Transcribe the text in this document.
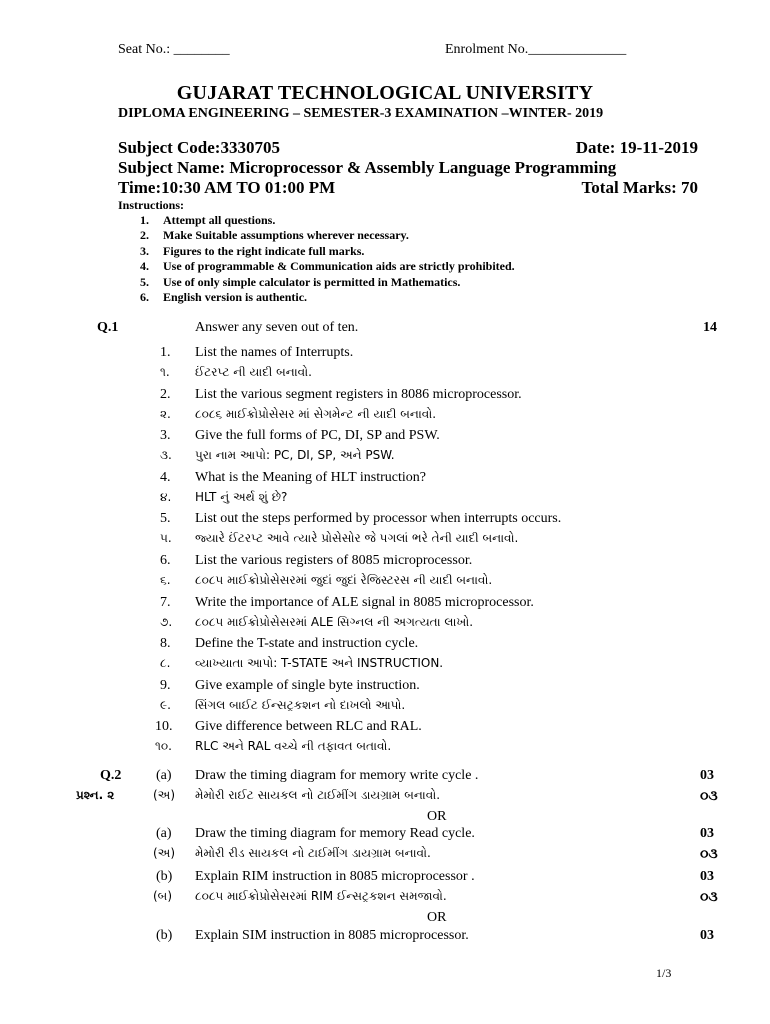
Seat No.: ________	Enrolment No.______________
GUJARAT TECHNOLOGICAL UNIVERSITY
DIPLOMA ENGINEERING – SEMESTER-3 EXAMINATION –WINTER- 2019
Subject Code:3330705	Date: 19-11-2019
Subject Name: Microprocessor & Assembly Language Programming
Time:10:30 AM TO 01:00 PM	Total Marks: 70
Instructions:
1. Attempt all questions.
2. Make Suitable assumptions wherever necessary.
3. Figures to the right indicate full marks.
4. Use of programmable & Communication aids are strictly prohibited.
5. Use of only simple calculator is permitted in Mathematics.
6. English version is authentic.
Q.1	Answer any seven out of ten.	14
1. List the names of Interrupts.
૧. ઈંટરપ્ટ ની યાદી બનાવો.
2. List the various segment registers in 8086 microprocessor.
૨. ૮૦૮૬ માઈક્રોપ્રોસેસર માં સેગમેન્ટ ની યાદી બનાવો.
3. Give the full forms of PC, DI, SP and PSW.
૩. પુરા નામ આપો: PC, DI, SP, અને PSW.
4. What is the Meaning of HLT instruction?
૪. HLT નું અર્થ શું છે?
5. List out the steps performed by processor when interrupts occurs.
૫. જ્યારે ઈંટરપ્ટ આવે ત્યારે પ્રોસેસોર જે પગલાં ભરે તેની યાદી બનાવો.
6. List the various registers of 8085 microprocessor.
૬. ૮૦૮૫ માઈક્રોપ્રોસેસરમાં જુદાં જુદાં રેજિસ્ટરસ ની યાદી બનાવો.
7. Write the importance of ALE signal in 8085 microprocessor.
૭. ૮૦૮૫ માઈક્રોપ્રોસેસરમાં ALE સિગ્નલ ની અગત્યતા લાખો.
8. Define the T-state and instruction cycle.
૮. વ્યાખ્યાતા આપો: T-STATE અને INSTRUCTION.
9. Give example of single byte instruction.
૯. સિંગલ બાઈટ ઈન્સટ્રકશન નો દાખલો આપો.
10. Give difference between RLC and RAL.
૧૦. RLC અને RAL વચ્ચે ની તફાવત બતાવો.
Q.2
પ્રશ્ન. ૨
(a) Draw the timing diagram for memory write cycle .	03
(અ) મેમોરી રાઈટ સાયકલ નો ટાઈમીંગ ડાયગ્રામ બનાવો.	૦૩
(a) Draw the timing diagram for memory Read cycle.	03
(અ) મેમોરી રીડ સાયકલ નો ટાઈમીંગ ડાયગ્રામ બનાવો.	૦૩
(b) Explain RIM instruction in 8085 microprocessor .	03
(બ) ૮૦૮૫ માઈક્રોપ્રોસેસરમાં RIM ઈન્સટ્રકશન સમજાવો.	૦૩
(b) Explain SIM instruction in 8085 microprocessor.	03
OR
OR
1/3
